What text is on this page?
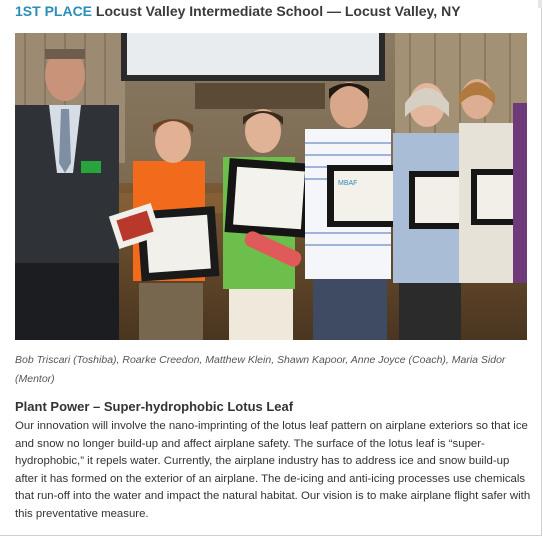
1ST PLACE Locust Valley Intermediate School — Locust Valley, NY
MBAF
Bob Triscari (Toshiba), Roarke Creedon, Matthew Klein, Shawn Kapoor, Anne Joyce (Coach), Maria Sidor (Mentor)
Plant Power – Super-hydrophobic Lotus Leaf
Our innovation will involve the nano-imprinting of the lotus leaf pattern on airplane exteriors so that ice and snow no longer build-up and affect airplane safety. The surface of the lotus leaf is “super-hydrophobic,” it repels water. Currently, the airplane industry has to address ice and snow build-up after it has formed on the exterior of an airplane. The de-icing and anti-icing processes use chemicals that run-off into the water and impact the natural habitat. Our vision is to make airplane flight safer with this preventative measure.
